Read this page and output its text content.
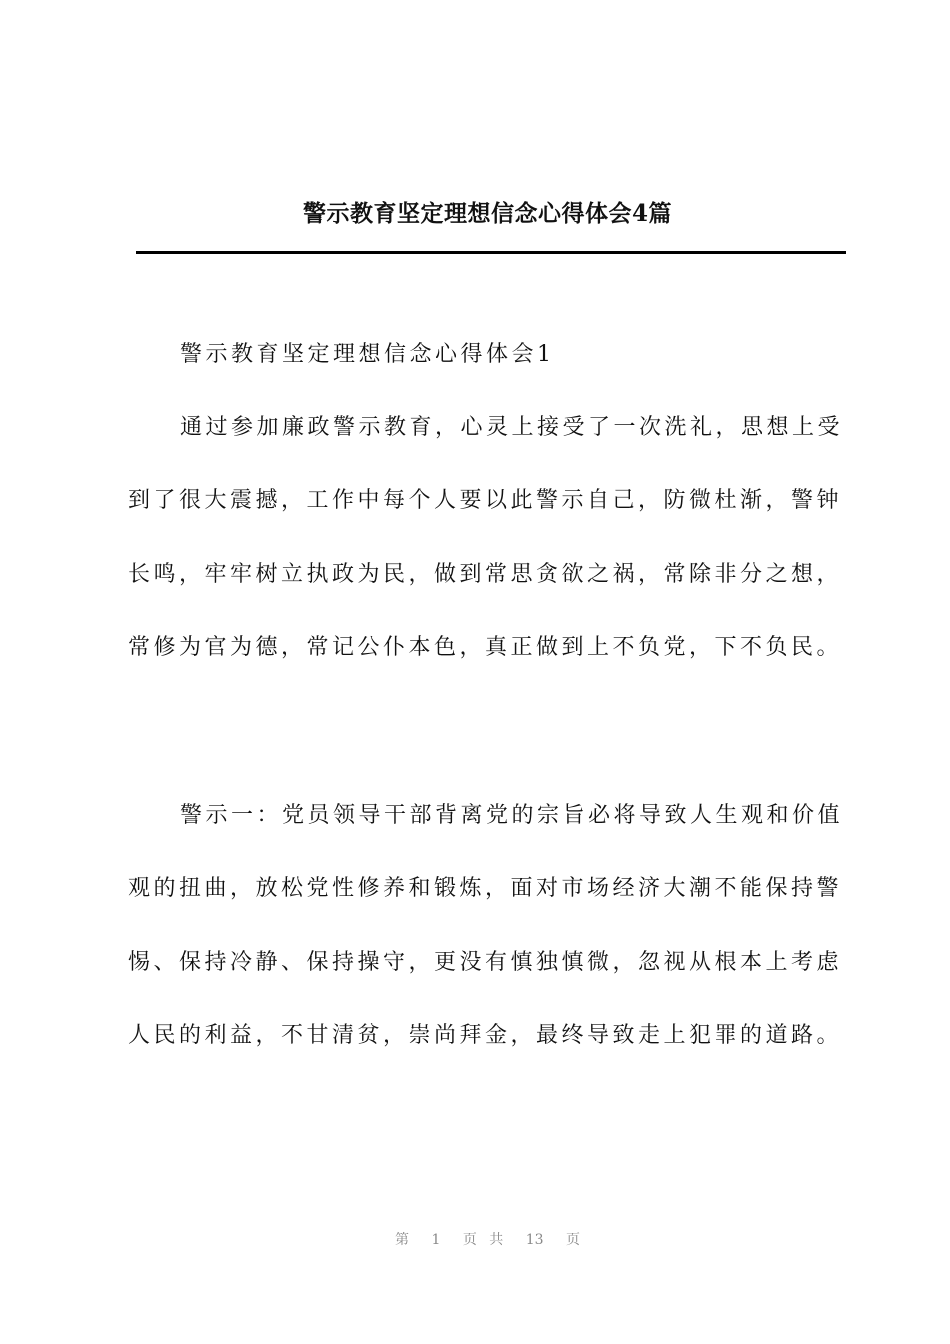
警示教育坚定理想信念心得体会4篇

警示教育坚定理想信念心得体会1

通过参加廉政警示教育，心灵上接受了一次洗礼，思想上受
到了很大震撼，工作中每个人要以此警示自己，防微杜渐，警钟
长鸣，牢牢树立执政为民，做到常思贪欲之祸，常除非分之想，
常修为官为德，常记公仆本色，真正做到上不负党，下不负民。

警示一：党员领导干部背离党的宗旨必将导致人生观和价值
观的扭曲，放松党性修养和锻炼，面对市场经济大潮不能保持警
惕、保持冷静、保持操守，更没有慎独慎微，忽视从根本上考虑
人民的利益，不甘清贫，崇尚拜金，最终导致走上犯罪的道路。

第 1 页 共 13 页
